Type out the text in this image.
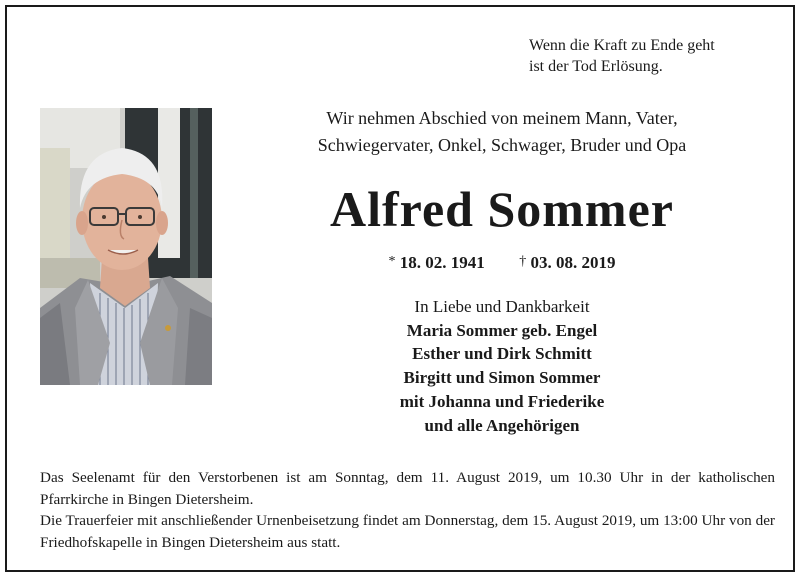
Wenn die Kraft zu Ende geht
ist der Tod Erlösung.
Wir nehmen Abschied von meinem Mann, Vater,
Schwiegervater, Onkel, Schwager, Bruder und Opa
Alfred Sommer
* 18. 02. 1941 † 03. 08. 2019
In Liebe und Dankbarkeit
Maria Sommer geb. Engel
Esther und Dirk Schmitt
Birgitt und Simon Sommer
mit Johanna und Friederike
und alle Angehörigen

Das Seelenamt für den Verstorbenen ist am Sonntag, dem 11. August 2019, um 10.30 Uhr in der katholischen Pfarrkirche in Bingen Dietersheim.

Die Trauerfeier mit anschließender Urnenbeisetzung findet am Donnerstag, dem 15. August 2019, um 13:00 Uhr von der Friedhofskapelle in Bingen Dietersheim aus statt.
